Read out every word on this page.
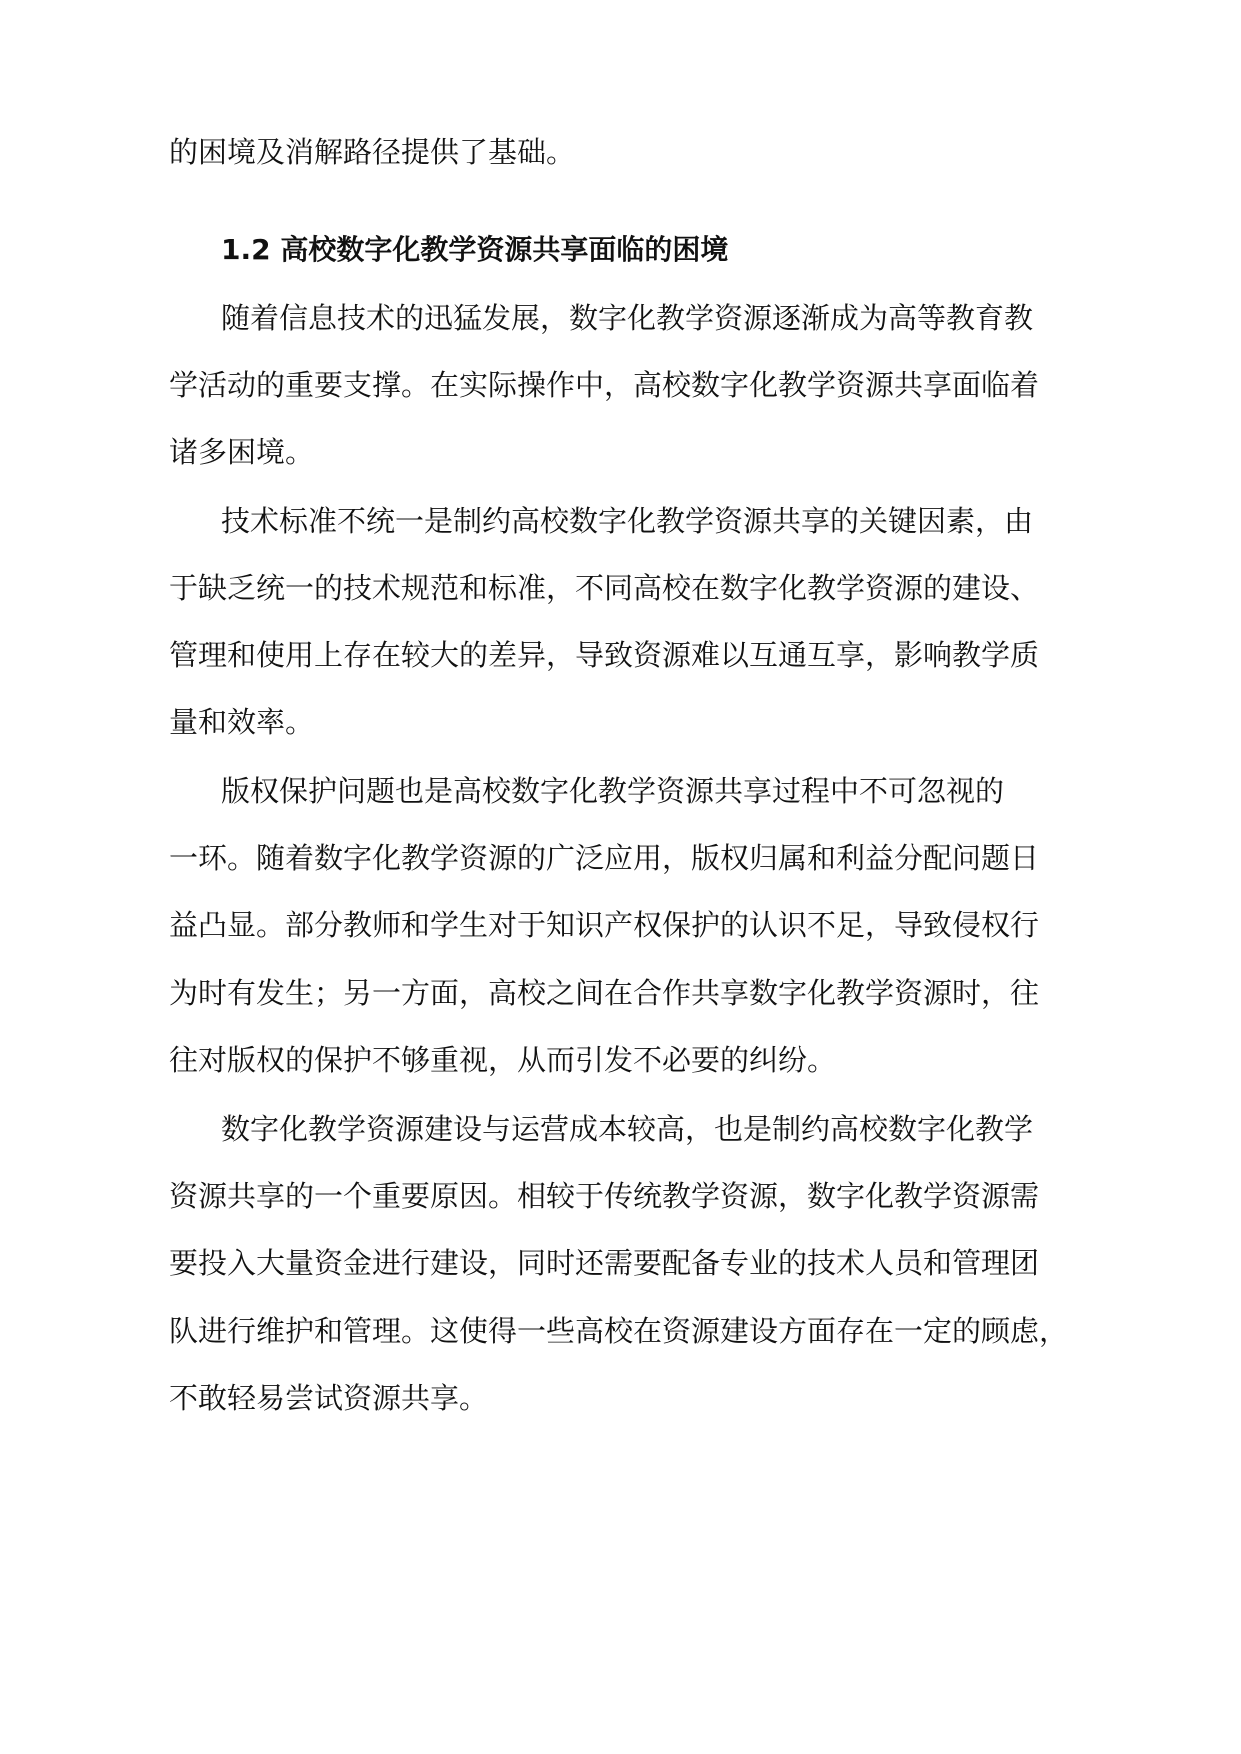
的困境及消解路径提供了基础。
1.2 高校数字化教学资源共享面临的困境
随着信息技术的迅猛发展，数字化教学资源逐渐成为高等教育教
学活动的重要支撑。在实际操作中，高校数字化教学资源共享面临着
诸多困境。
技术标准不统一是制约高校数字化教学资源共享的关键因素，由
于缺乏统一的技术规范和标准，不同高校在数字化教学资源的建设、
管理和使用上存在较大的差异，导致资源难以互通互享，影响教学质
量和效率。
版权保护问题也是高校数字化教学资源共享过程中不可忽视的
一环。随着数字化教学资源的广泛应用，版权归属和利益分配问题日
益凸显。部分教师和学生对于知识产权保护的认识不足，导致侵权行
为时有发生；另一方面，高校之间在合作共享数字化教学资源时，往
往对版权的保护不够重视，从而引发不必要的纠纷。
数字化教学资源建设与运营成本较高，也是制约高校数字化教学
资源共享的一个重要原因。相较于传统教学资源，数字化教学资源需
要投入大量资金进行建设，同时还需要配备专业的技术人员和管理团
队进行维护和管理。这使得一些高校在资源建设方面存在一定的顾虑，
不敢轻易尝试资源共享。
